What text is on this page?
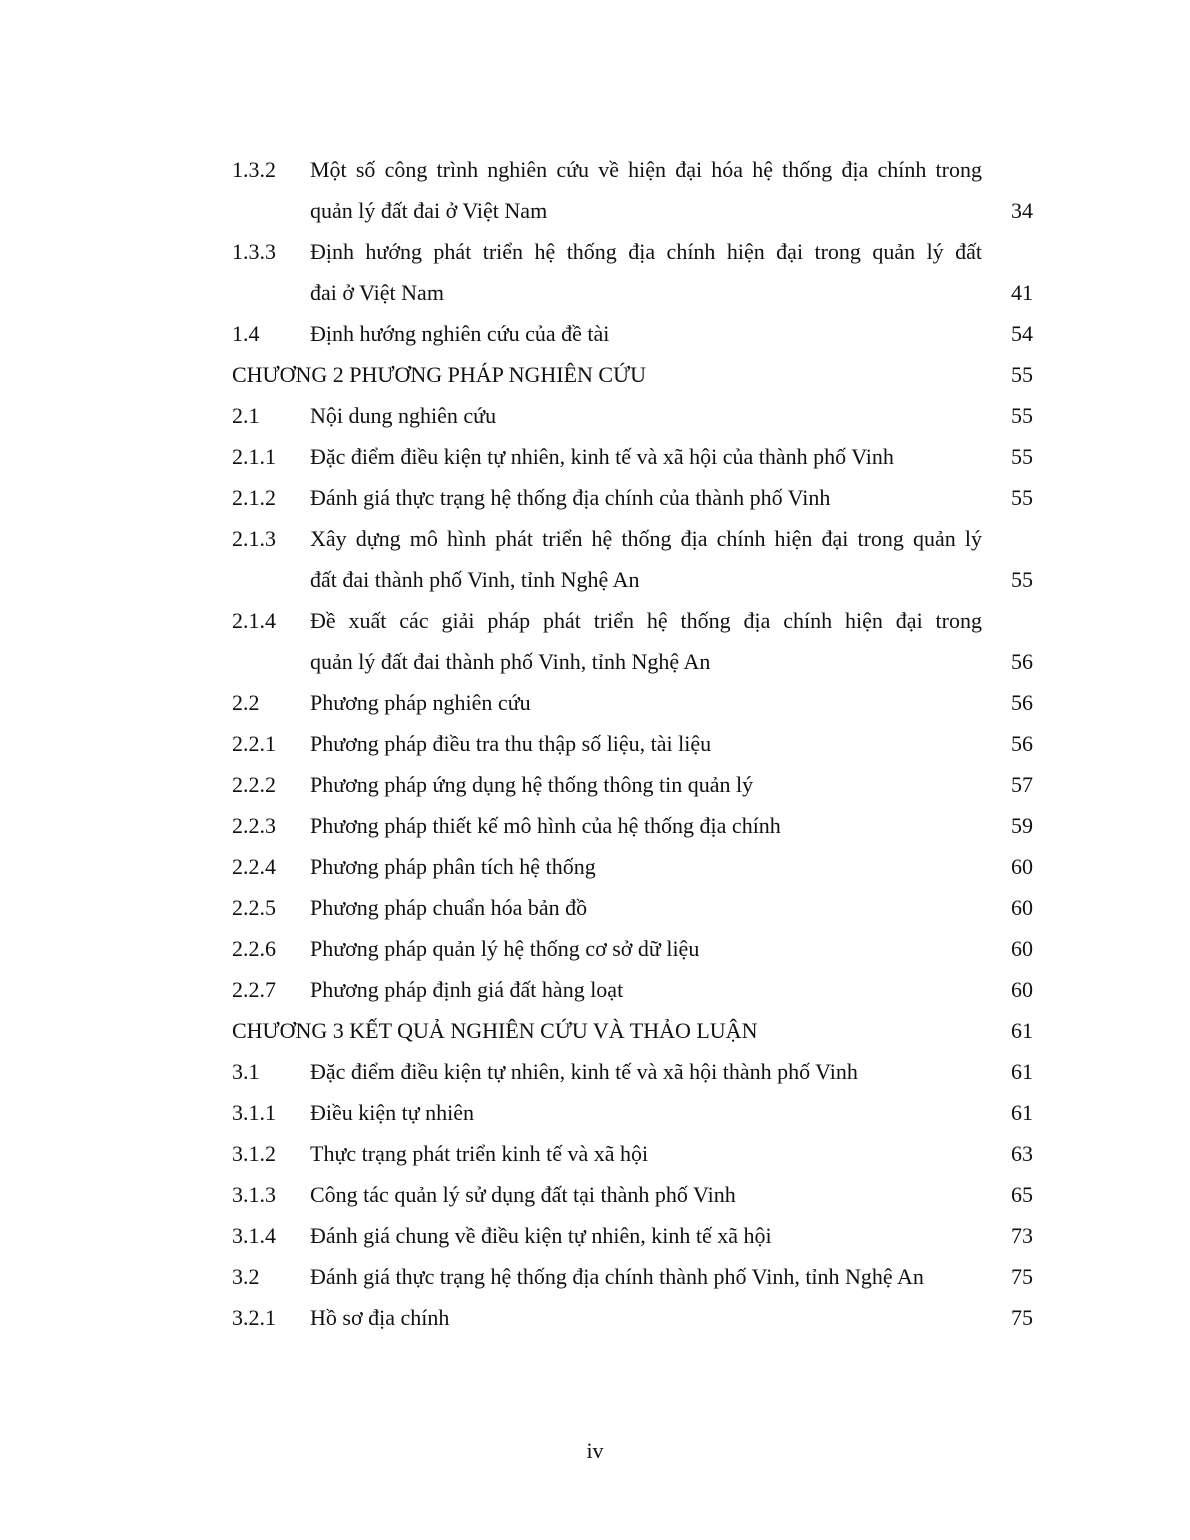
1.3.2 Một số công trình nghiên cứu về hiện đại hóa hệ thống địa chính trong
quản lý đất đai ở Việt Nam	34
1.3.3 Định hướng phát triển hệ thống địa chính hiện đại trong quản lý đất
đai ở Việt Nam	41
1.4 Định hướng nghiên cứu của đề tài	54
CHƯƠNG 2 PHƯƠNG PHÁP NGHIÊN CỨU	55
2.1 Nội dung nghiên cứu	55
2.1.1 Đặc điểm điều kiện tự nhiên, kinh tế và xã hội của thành phố Vinh	55
2.1.2 Đánh giá thực trạng hệ thống địa chính của thành phố Vinh	55
2.1.3 Xây dựng mô hình phát triển hệ thống địa chính hiện đại trong quản lý
đất đai thành phố Vinh, tỉnh Nghệ An	55
2.1.4 Đề xuất các giải pháp phát triển hệ thống địa chính hiện đại trong
quản lý đất đai thành phố Vinh, tỉnh Nghệ An	56
2.2 Phương pháp nghiên cứu	56
2.2.1 Phương pháp điều tra thu thập số liệu, tài liệu	56
2.2.2 Phương pháp ứng dụng hệ thống thông tin quản lý	57
2.2.3 Phương pháp thiết kế mô hình của hệ thống địa chính	59
2.2.4 Phương pháp phân tích hệ thống	60
2.2.5 Phương pháp chuẩn hóa bản đồ	60
2.2.6 Phương pháp quản lý hệ thống cơ sở dữ liệu	60
2.2.7 Phương pháp định giá đất hàng loạt	60
CHƯƠNG 3 KẾT QUẢ NGHIÊN CỨU VÀ THẢO LUẬN	61
3.1 Đặc điểm điều kiện tự nhiên, kinh tế và xã hội thành phố Vinh	61
3.1.1 Điều kiện tự nhiên	61
3.1.2 Thực trạng phát triển kinh tế và xã hội	63
3.1.3 Công tác quản lý sử dụng đất tại thành phố Vinh	65
3.1.4 Đánh giá chung về điều kiện tự nhiên, kinh tế xã hội	73
3.2 Đánh giá thực trạng hệ thống địa chính thành phố Vinh, tỉnh Nghệ An	75
3.2.1 Hồ sơ địa chính	75
iv
